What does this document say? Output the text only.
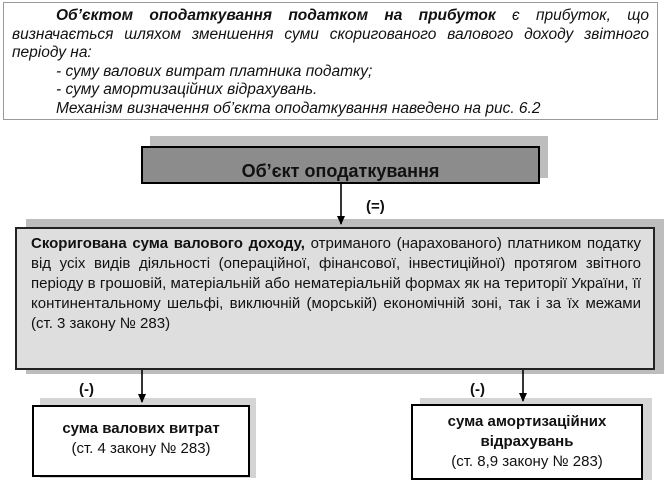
Об’єктом оподаткування податком на прибуток є прибуток, що визначається шляхом зменшення суми скоригованого валового доходу звітного періоду на:
- суму валових витрат платника податку;
- суму амортизаційних відрахувань.
Механізм визначення об’єкта оподаткування наведено на рис. 6.2
Об’єкт оподаткування
(=)
Скоригована сума валового доходу, отриманого (нарахованого) платником податку від усіх видів діяльності (операційної, фінансової, інвестиційної) протягом звітного періоду в грошовій, матеріальній або нематеріальній формах як на території України, її континентальному шельфі, виключній (морській) економічній зоні, так і за їх межами (ст. 3 закону № 283)
(-)	(-)
сума валових витрат
(ст. 4 закону № 283)
сума амортизаційних відрахувань
(ст. 8,9 закону № 283)
